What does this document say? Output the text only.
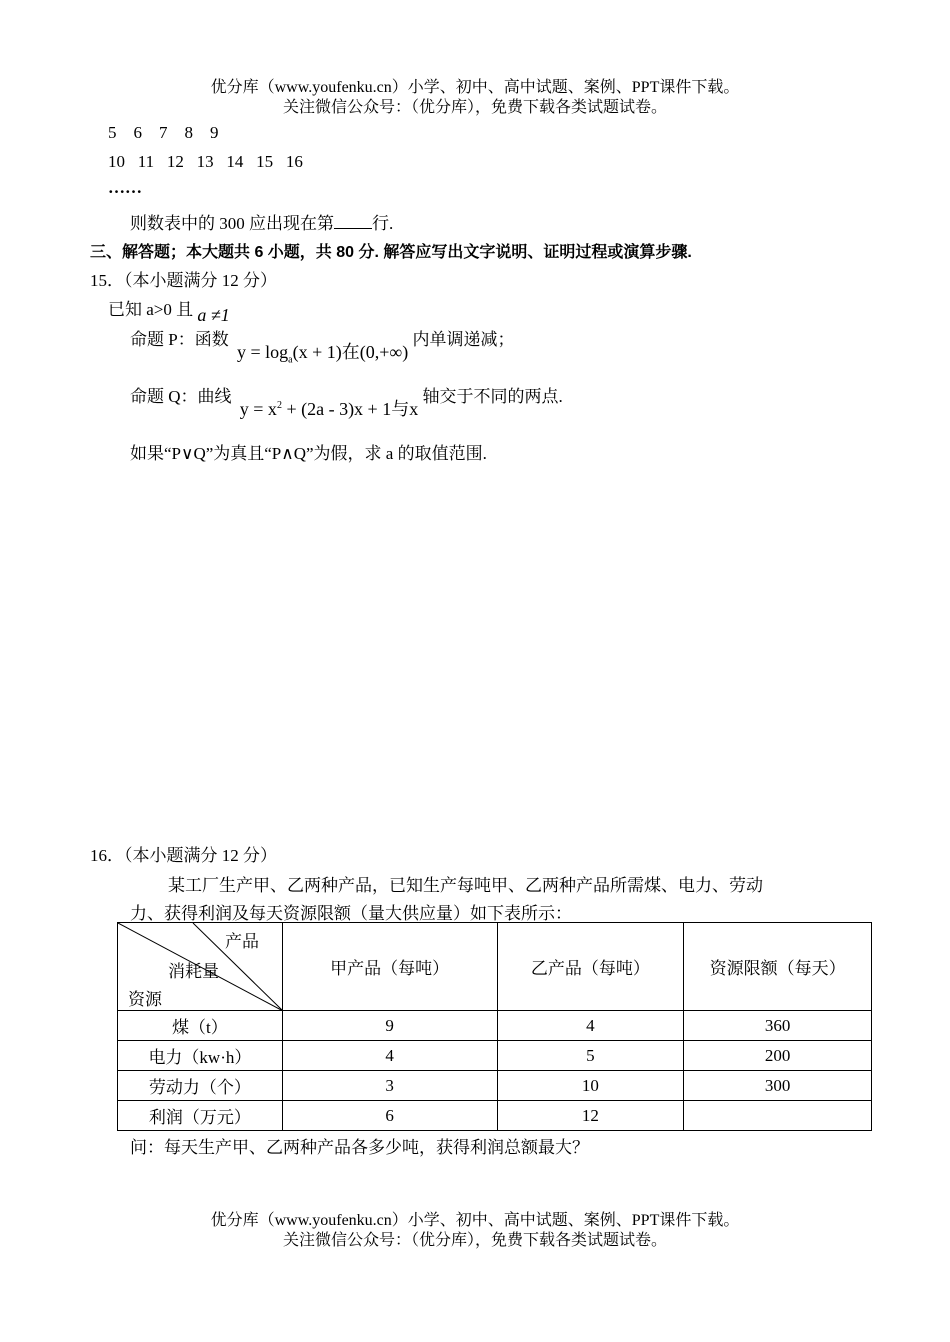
优分库（www.youfenku.cn）小学、初中、高中试题、案例、PPT课件下载。
关注微信公众号：（优分库），免费下载各类试题试卷。
5    6    7    8    9
10   11   12   13   14   15   16
……
则数表中的 300 应出现在第 行.
三、解答题；本大题共 6 小题，共 80 分. 解答应写出文字说明、证明过程或演算步骤.
15．（本小题满分 12 分）
已知 a>0 且 a ≠1
命题 P：函数 $y = \log_a(x + 1)$在(0,+∞) 内单调递减；
命题 Q：曲线 $y = x^2 + (2a - 3)x + 1$与x 轴交于不同的两点.
如果“P∨Q”为真且“P∧Q”为假，求 a 的取值范围.
16．（本小题满分 12 分）
某工厂生产甲、乙两种产品，已知生产每吨甲、乙两种产品所需煤、电力、劳动
力、获得利润及每天资源限额（量大供应量）如下表所示：
产品
消耗量
资源	甲产品（每吨）	乙产品（每吨）	资源限额（每天）
煤（t）	9	4	360
电力（kw·h）	4	5	200
劳动力（个）	3	10	300
利润（万元）	6	12	
问：每天生产甲、乙两种产品各多少吨，获得利润总额最大？
优分库（www.youfenku.cn）小学、初中、高中试题、案例、PPT课件下载。
关注微信公众号：（优分库），免费下载各类试题试卷。
